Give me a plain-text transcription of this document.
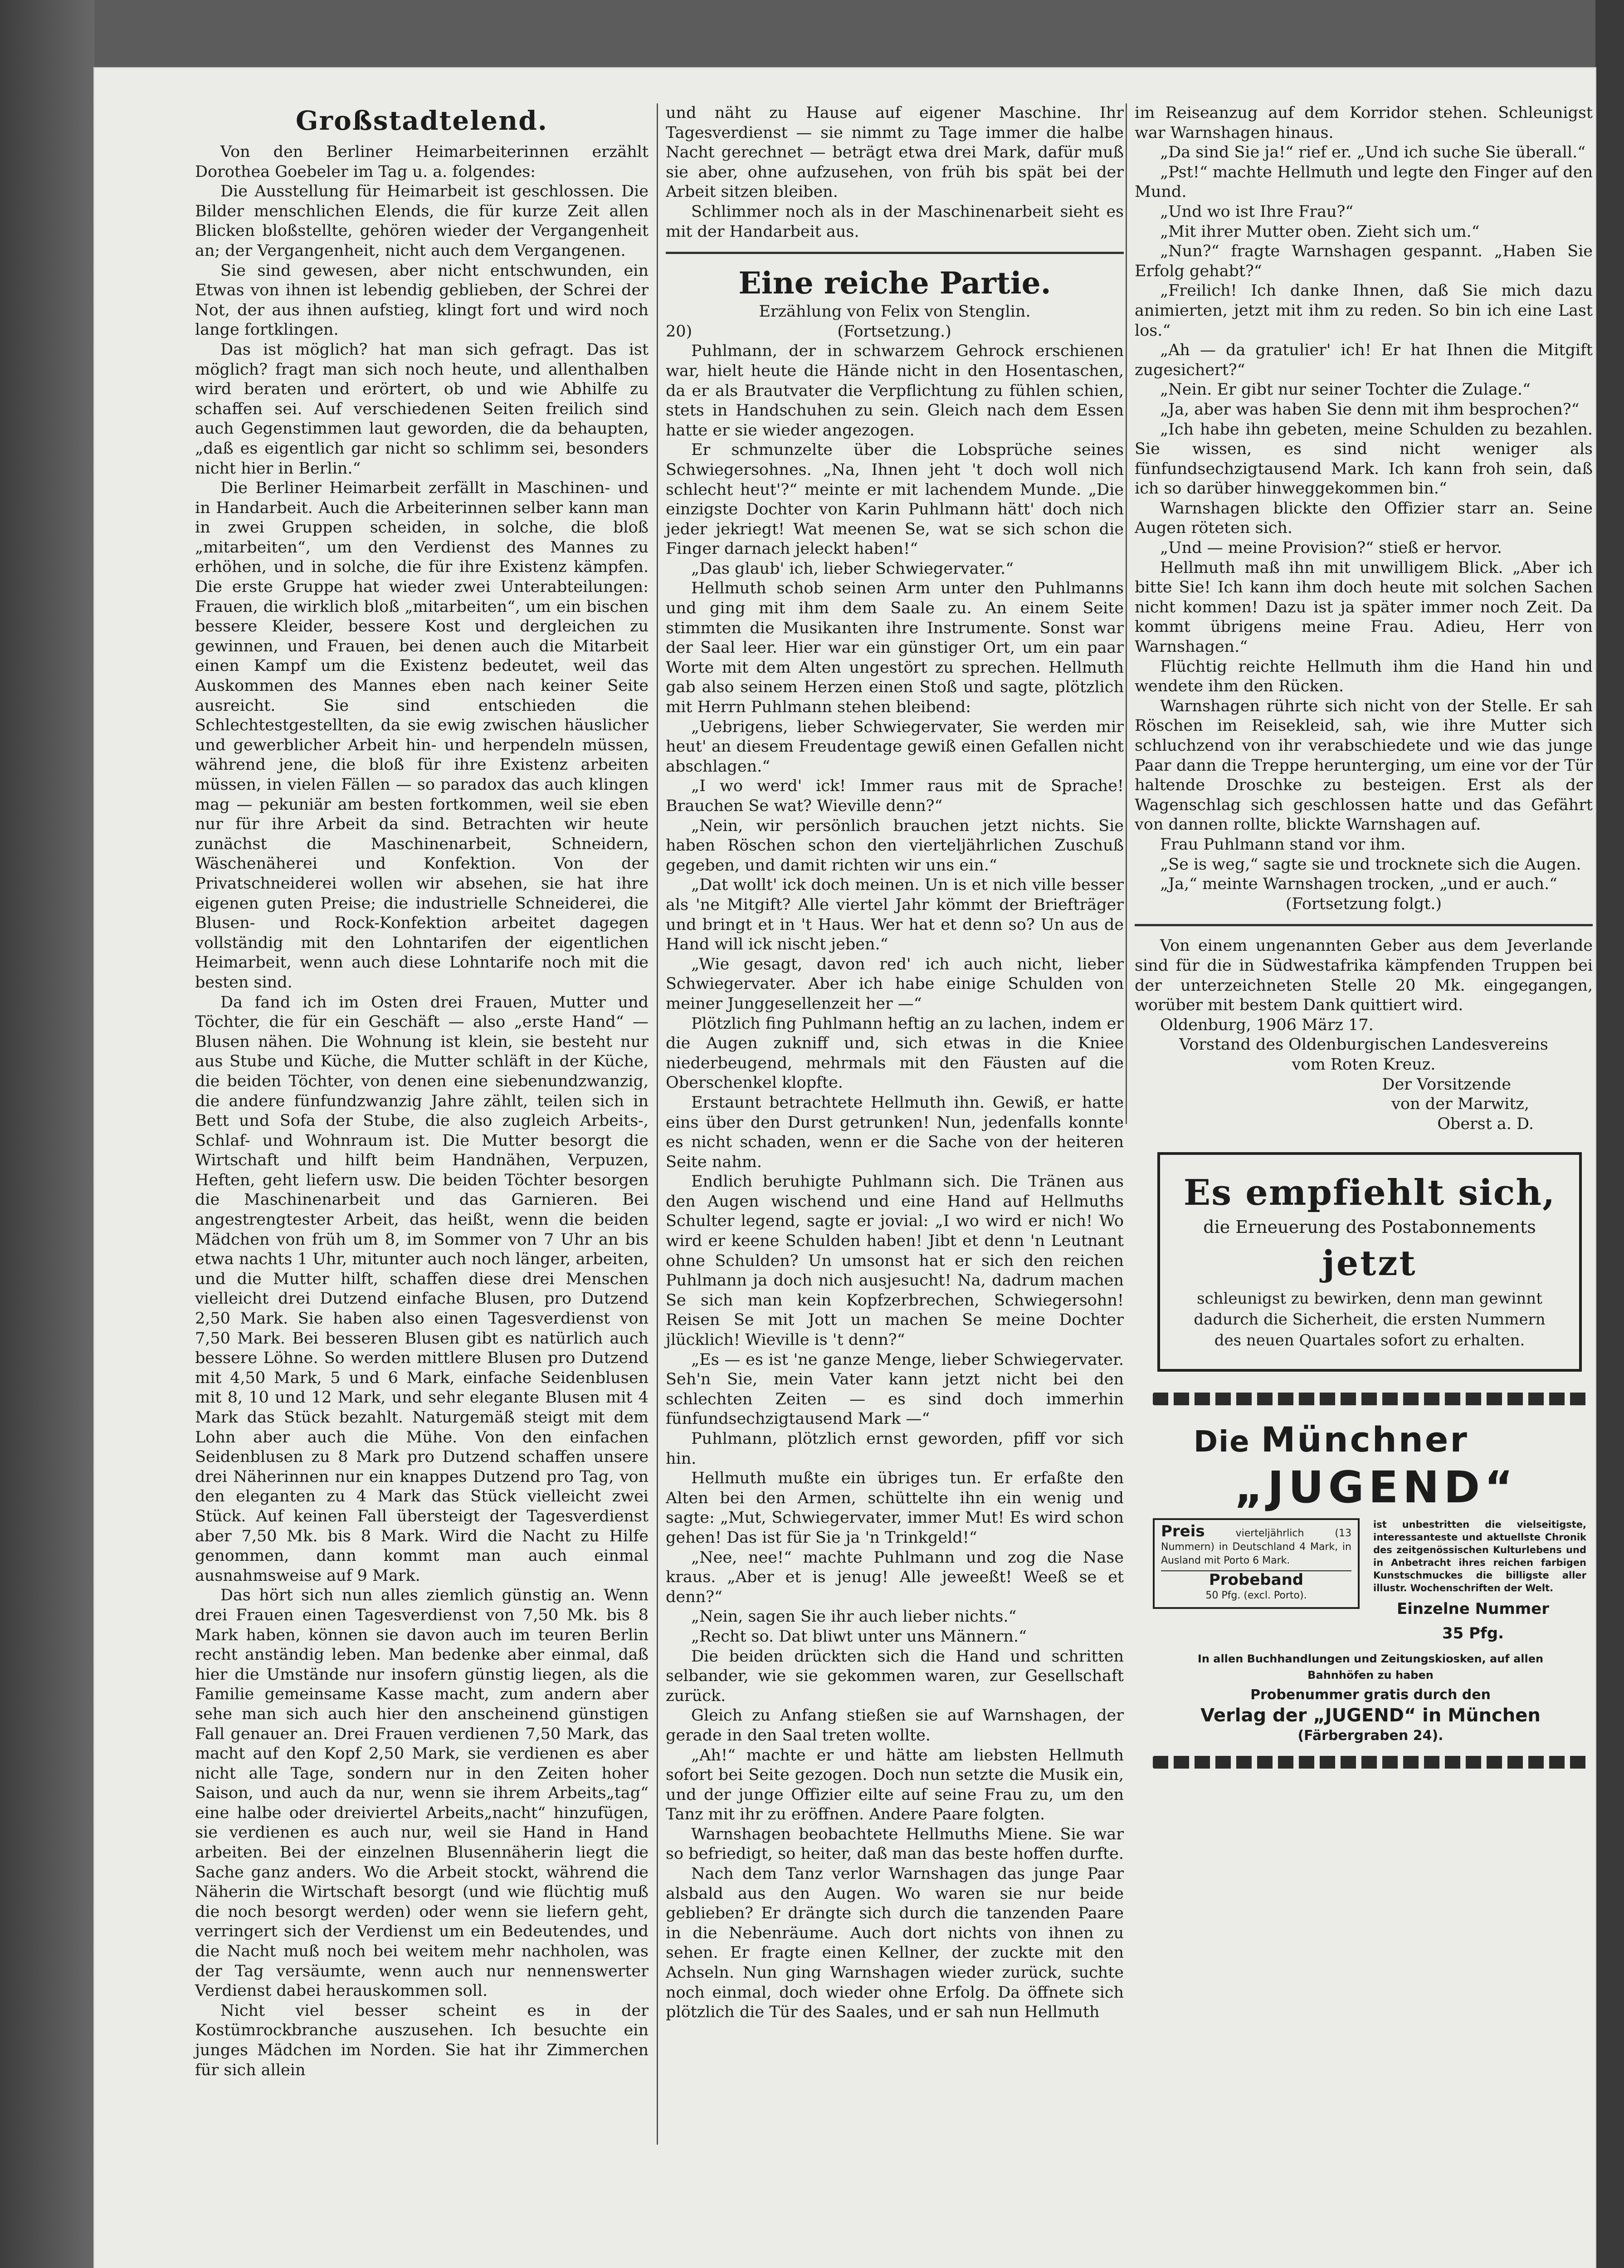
Großstadtelend.

Von den Berliner Heimarbeiterinnen erzählt Dorothea Goebeler im Tag u. a. folgendes:

Die Ausstellung für Heimarbeit ist geschlossen. Die Bilder menschlichen Elends, die für kurze Zeit allen Blicken bloßstellte, gehören wieder der Vergangenheit an; der Vergangenheit, nicht auch dem Vergangenen.

Sie sind gewesen, aber nicht entschwunden, ein Etwas von ihnen ist lebendig geblieben, der Schrei der Not, der aus ihnen aufstieg, klingt fort und wird noch lange fortklingen.

Das ist möglich? hat man sich gefragt. Das ist möglich? fragt man sich noch heute, und allenthalben wird beraten und erörtert, ob und wie Abhilfe zu schaffen sei. Auf verschiedenen Seiten freilich sind auch Gegenstimmen laut geworden, die da behaupten, „daß es eigentlich gar nicht so schlimm sei, besonders nicht hier in Berlin.“

Die Berliner Heimarbeit zerfällt in Maschinen- und in Handarbeit. Auch die Arbeiterinnen selber kann man in zwei Gruppen scheiden, in solche, die bloß „mitarbeiten“, um den Verdienst des Mannes zu erhöhen, und in solche, die für ihre Existenz kämpfen. Die erste Gruppe hat wieder zwei Unterabteilungen: Frauen, die wirklich bloß „mitarbeiten“, um ein bischen bessere Kleider, bessere Kost und dergleichen zu gewinnen, und Frauen, bei denen auch die Mitarbeit einen Kampf um die Existenz bedeutet, weil das Auskommen des Mannes eben nach keiner Seite ausreicht. Sie sind entschieden die Schlechtestgestellten, da sie ewig zwischen häuslicher und gewerblicher Arbeit hin- und herpendeln müssen, während jene, die bloß für ihre Existenz arbeiten müssen, in vielen Fällen — so paradox das auch klingen mag — pekuniär am besten fortkommen, weil sie eben nur für ihre Arbeit da sind. Betrachten wir heute zunächst die Maschinenarbeit, Schneidern, Wäschenäherei und Konfektion. Von der Privatschneiderei wollen wir absehen, sie hat ihre eigenen guten Preise; die industrielle Schneiderei, die Blusen- und Rock-Konfektion arbeitet dagegen vollständig mit den Lohntarifen der eigentlichen Heimarbeit, wenn auch diese Lohntarife noch mit die besten sind.

Da fand ich im Osten drei Frauen, Mutter und Töchter, die für ein Geschäft — also „erste Hand“ — Blusen nähen. Die Wohnung ist klein, sie besteht nur aus Stube und Küche, die Mutter schläft in der Küche, die beiden Töchter, von denen eine siebenundzwanzig, die andere fünfundzwanzig Jahre zählt, teilen sich in Bett und Sofa der Stube, die also zugleich Arbeits-, Schlaf- und Wohnraum ist. Die Mutter besorgt die Wirtschaft und hilft beim Handnähen, Verpuzen, Heften, geht liefern usw. Die beiden Töchter besorgen die Maschinenarbeit und das Garnieren. Bei angestrengtester Arbeit, das heißt, wenn die beiden Mädchen von früh um 8, im Sommer von 7 Uhr an bis etwa nachts 1 Uhr, mitunter auch noch länger, arbeiten, und die Mutter hilft, schaffen diese drei Menschen vielleicht drei Dutzend einfache Blusen, pro Dutzend 2,50 Mark. Sie haben also einen Tagesverdienst von 7,50 Mark. Bei besseren Blusen gibt es natürlich auch bessere Löhne. So werden mittlere Blusen pro Dutzend mit 4,50 Mark, 5 und 6 Mark, einfache Seidenblusen mit 8, 10 und 12 Mark, und sehr elegante Blusen mit 4 Mark das Stück bezahlt. Naturgemäß steigt mit dem Lohn aber auch die Mühe. Von den einfachen Seidenblusen zu 8 Mark pro Dutzend schaffen unsere drei Näherinnen nur ein knappes Dutzend pro Tag, von den eleganten zu 4 Mark das Stück vielleicht zwei Stück. Auf keinen Fall übersteigt der Tagesverdienst aber 7,50 Mk. bis 8 Mark. Wird die Nacht zu Hilfe genommen, dann kommt man auch einmal ausnahmsweise auf 9 Mark.

Das hört sich nun alles ziemlich günstig an. Wenn drei Frauen einen Tagesverdienst von 7,50 Mk. bis 8 Mark haben, können sie davon auch im teuren Berlin recht anständig leben. Man bedenke aber einmal, daß hier die Umstände nur insofern günstig liegen, als die Familie gemeinsame Kasse macht, zum andern aber sehe man sich auch hier den anscheinend günstigen Fall genauer an. Drei Frauen verdienen 7,50 Mark, das macht auf den Kopf 2,50 Mark, sie verdienen es aber nicht alle Tage, sondern nur in den Zeiten hoher Saison, und auch da nur, wenn sie ihrem Arbeits„tag“ eine halbe oder dreiviertel Arbeits„nacht“ hinzufügen, sie verdienen es auch nur, weil sie Hand in Hand arbeiten. Bei der einzelnen Blusennäherin liegt die Sache ganz anders. Wo die Arbeit stockt, während die Näherin die Wirtschaft besorgt (und wie flüchtig muß die noch besorgt werden) oder wenn sie liefern geht, verringert sich der Verdienst um ein Bedeutendes, und die Nacht muß noch bei weitem mehr nachholen, was der Tag versäumte, wenn auch nur nennenswerter Verdienst dabei herauskommen soll.

Nicht viel besser scheint es in der Kostümrockbranche auszusehen. Ich besuchte ein junges Mädchen im Norden. Sie hat ihr Zimmerchen für sich allein

und näht zu Hause auf eigener Maschine. Ihr Tagesverdienst — sie nimmt zu Tage immer die halbe Nacht gerechnet — beträgt etwa drei Mark, dafür muß sie aber, ohne aufzusehen, von früh bis spät bei der Arbeit sitzen bleiben.

Schlimmer noch als in der Maschinenarbeit sieht es mit der Handarbeit aus.

Eine reiche Partie.

Erzählung von Felix von Stenglin.

20)	(Fortsetzung.)

Puhlmann, der in schwarzem Gehrock erschienen war, hielt heute die Hände nicht in den Hosentaschen, da er als Brautvater die Verpflichtung zu fühlen schien, stets in Handschuhen zu sein. Gleich nach dem Essen hatte er sie wieder angezogen.

Er schmunzelte über die Lobsprüche seines Schwiegersohnes. „Na, Ihnen jeht 't doch woll nich schlecht heut'?“ meinte er mit lachendem Munde. „Die einzigste Dochter von Karin Puhlmann hätt' doch nich jeder jekriegt! Wat meenen Se, wat se sich schon die Finger darnach jeleckt haben!“

„Das glaub' ich, lieber Schwiegervater.“

Hellmuth schob seinen Arm unter den Puhlmanns und ging mit ihm dem Saale zu. An einem Seite stimmten die Musikanten ihre Instrumente. Sonst war der Saal leer. Hier war ein günstiger Ort, um ein paar Worte mit dem Alten ungestört zu sprechen. Hellmuth gab also seinem Herzen einen Stoß und sagte, plötzlich mit Herrn Puhlmann stehen bleibend:

„Uebrigens, lieber Schwiegervater, Sie werden mir heut' an diesem Freudentage gewiß einen Gefallen nicht abschlagen.“

„I wo werd' ick! Immer raus mit de Sprache! Brauchen Se wat? Wieville denn?“

„Nein, wir persönlich brauchen jetzt nichts. Sie haben Röschen schon den vierteljährlichen Zuschuß gegeben, und damit richten wir uns ein.“

„Dat wollt' ick doch meinen. Un is et nich ville besser als 'ne Mitgift? Alle viertel Jahr kömmt der Briefträger und bringt et in 't Haus. Wer hat et denn so? Un aus de Hand will ick nischt jeben.“

„Wie gesagt, davon red' ich auch nicht, lieber Schwiegervater. Aber ich habe einige Schulden von meiner Junggesellenzeit her —“

Plötzlich fing Puhlmann heftig an zu lachen, indem er die Augen zukniff und, sich etwas in die Kniee niederbeugend, mehrmals mit den Fäusten auf die Oberschenkel klopfte.

Erstaunt betrachtete Hellmuth ihn. Gewiß, er hatte eins über den Durst getrunken! Nun, jedenfalls konnte es nicht schaden, wenn er die Sache von der heiteren Seite nahm.

Endlich beruhigte Puhlmann sich. Die Tränen aus den Augen wischend und eine Hand auf Hellmuths Schulter legend, sagte er jovial: „I wo wird er nich! Wo wird er keene Schulden haben! Jibt et denn 'n Leutnant ohne Schulden? Un umsonst hat er sich den reichen Puhlmann ja doch nich ausjesucht! Na, dadrum machen Se sich man kein Kopfzerbrechen, Schwiegersohn! Reisen Se mit Jott un machen Se meine Dochter jlücklich! Wieville is 't denn?“

„Es — es ist 'ne ganze Menge, lieber Schwiegervater. Seh'n Sie, mein Vater kann jetzt nicht bei den schlechten Zeiten — es sind doch immerhin fünfundsechzigtausend Mark —“

Puhlmann, plötzlich ernst geworden, pfiff vor sich hin.

Hellmuth mußte ein übriges tun. Er erfaßte den Alten bei den Armen, schüttelte ihn ein wenig und sagte: „Mut, Schwiegervater, immer Mut! Es wird schon gehen! Das ist für Sie ja 'n Trinkgeld!“

„Nee, nee!“ machte Puhlmann und zog die Nase kraus. „Aber et is jenug! Alle jeweeßt! Weeß se et denn?“

„Nein, sagen Sie ihr auch lieber nichts.“

„Recht so. Dat bliwt unter uns Männern.“

Die beiden drückten sich die Hand und schritten selbander, wie sie gekommen waren, zur Gesellschaft zurück.

Gleich zu Anfang stießen sie auf Warnshagen, der gerade in den Saal treten wollte.

„Ah!“ machte er und hätte am liebsten Hellmuth sofort bei Seite gezogen. Doch nun setzte die Musik ein, und der junge Offizier eilte auf seine Frau zu, um den Tanz mit ihr zu eröffnen. Andere Paare folgten.

Warnshagen beobachtete Hellmuths Miene. Sie war so befriedigt, so heiter, daß man das beste hoffen durfte.

Nach dem Tanz verlor Warnshagen das junge Paar alsbald aus den Augen. Wo waren sie nur beide geblieben? Er drängte sich durch die tanzenden Paare in die Nebenräume. Auch dort nichts von ihnen zu sehen. Er fragte einen Kellner, der zuckte mit den Achseln. Nun ging Warnshagen wieder zurück, suchte noch einmal, doch wieder ohne Erfolg. Da öffnete sich plötzlich die Tür des Saales, und er sah nun Hellmuth

im Reiseanzug auf dem Korridor stehen. Schleunigst war Warnshagen hinaus.

„Da sind Sie ja!“ rief er. „Und ich suche Sie überall.“

„Pst!“ machte Hellmuth und legte den Finger auf den Mund.

„Und wo ist Ihre Frau?“

„Mit ihrer Mutter oben. Zieht sich um.“

„Nun?“ fragte Warnshagen gespannt. „Haben Sie Erfolg gehabt?“

„Freilich! Ich danke Ihnen, daß Sie mich dazu animierten, jetzt mit ihm zu reden. So bin ich eine Last los.“

„Ah — da gratulier' ich! Er hat Ihnen die Mitgift zugesichert?“

„Nein. Er gibt nur seiner Tochter die Zulage.“

„Ja, aber was haben Sie denn mit ihm besprochen?“

„Ich habe ihn gebeten, meine Schulden zu bezahlen. Sie wissen, es sind nicht weniger als fünfundsechzigtausend Mark. Ich kann froh sein, daß ich so darüber hinweggekommen bin.“

Warnshagen blickte den Offizier starr an. Seine Augen röteten sich.

„Und — meine Provision?“ stieß er hervor.

Hellmuth maß ihn mit unwilligem Blick. „Aber ich bitte Sie! Ich kann ihm doch heute mit solchen Sachen nicht kommen! Dazu ist ja später immer noch Zeit. Da kommt übrigens meine Frau. Adieu, Herr von Warnshagen.“

Flüchtig reichte Hellmuth ihm die Hand hin und wendete ihm den Rücken.

Warnshagen rührte sich nicht von der Stelle. Er sah Röschen im Reisekleid, sah, wie ihre Mutter sich schluchzend von ihr verabschiedete und wie das junge Paar dann die Treppe herunterging, um eine vor der Tür haltende Droschke zu besteigen. Erst als der Wagenschlag sich geschlossen hatte und das Gefährt von dannen rollte, blickte Warnshagen auf.

Frau Puhlmann stand vor ihm.

„Se is weg,“ sagte sie und trocknete sich die Augen.

„Ja,“ meinte Warnshagen trocken, „und er auch.“

(Fortsetzung folgt.)

Von einem ungenannten Geber aus dem Jeverlande sind für die in Südwestafrika kämpfenden Truppen bei der unterzeichneten Stelle 20 Mk. eingegangen, worüber mit bestem Dank quittiert wird.

Oldenburg, 1906 März 17.

Vorstand des Oldenburgischen Landesvereins

vom Roten Kreuz.

Der Vorsitzende

von der Marwitz,

Oberst a. D.

Es empfiehlt sich,
die Erneuerung des Postabonnements
jetzt
schleunigst zu bewirken, denn man gewinnt dadurch die Sicherheit, die ersten Nummern des neuen Quartales sofort zu erhalten.
Die Münchner
„JUGEND“
Preis	vierteljährlich (13 Nummern) in Deutschland 4 Mark, in Ausland mit Porto 6 Mark.
Probeband
50 Pfg. (excl. Porto).
ist unbestritten die vielseitigste, interessanteste und aktuellste Chronik des zeitgenössischen Kulturlebens und in Anbetracht ihres reichen farbigen Kunstschmuckes die billigste aller illustr. Wochenschriften der Welt.
Einzelne Nummer
35 Pfg.
In allen Buchhandlungen und Zeitungskiosken, auf allen
Bahnhöfen zu haben
Probenummer gratis durch den
Verlag der „JUGEND“ in München
(Färbergraben 24).
